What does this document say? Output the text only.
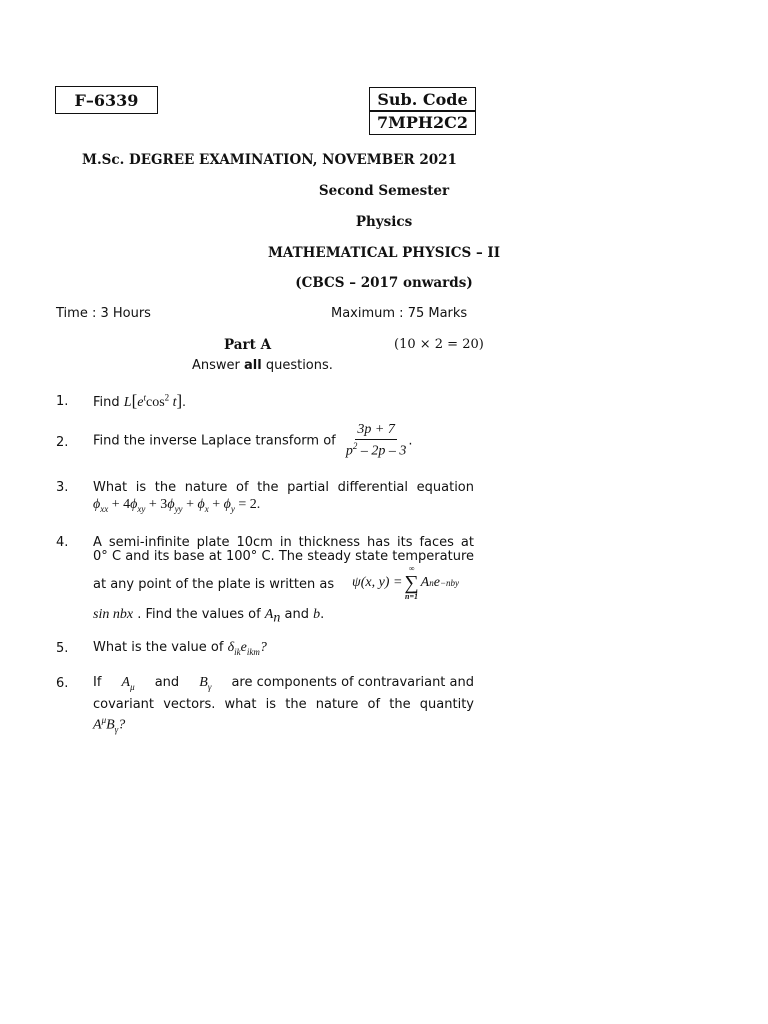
F–6339	Sub. Code
7MPH2C2
M.Sc. DEGREE EXAMINATION, NOVEMBER 2021
Second Semester
Physics
MATHEMATICAL PHYSICS – II
(CBCS – 2017 onwards)
Time : 3 Hours	Maximum : 75 Marks
Part A	(10 × 2 = 20)
Answer all questions.
1.	Find $L[e^t\cos^2$ t].
2.	Find the inverse Laplace transform of $\frac{3p + 7}{p^2 - 2p - 3}$ .
3.	What is the nature of the partial differential equation
$\phi_{xx} + 4\phi_{xy} + 3\phi_{yy} + \phi_x + \phi_y = 2$.
4.	A semi-infinite plate 10cm in thickness has its faces at
0° C and its base at 100° C. The steady state temperature
at any point of the plate is written as ψ(x, y) =
∞
∑
n=1
A n e −nby
sin nbx . Find the values of $A_n$ and b.
5.	What is the value of $\delta_{ik}e_{ikm}$?
6.	If $A_\mu$ and $B_\gamma$ are components of contravariant and
covariant vectors. what is the nature of the quantity
$A^\mu B_\gamma$?
